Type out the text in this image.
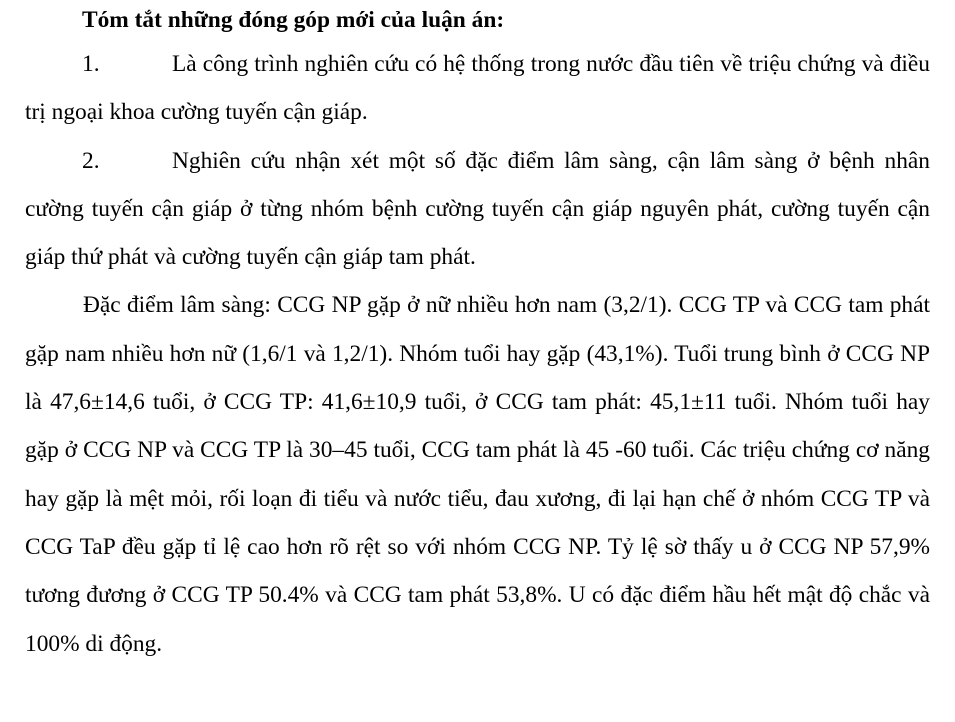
Tóm tắt những đóng góp mới của luận án:

1.	Là công trình nghiên cứu có hệ thống trong nước đầu tiên về triệu chứng và điều trị ngoại khoa cường tuyến cận giáp.

2.	Nghiên cứu nhận xét một số đặc điểm lâm sàng, cận lâm sàng ở bệnh nhân cường tuyến cận giáp ở từng nhóm bệnh cường tuyến cận giáp nguyên phát, cường tuyến cận giáp thứ phát và cường tuyến cận giáp tam phát.

Đặc điểm lâm sàng: CCG NP gặp ở nữ nhiều hơn nam (3,2/1). CCG TP và CCG tam phát gặp nam nhiều hơn nữ (1,6/1 và 1,2/1). Nhóm tuổi hay gặp (43,1%). Tuổi trung bình ở CCG NP là 47,6±14,6 tuổi, ở CCG TP: 41,6±10,9 tuổi, ở CCG tam phát: 45,1±11 tuổi. Nhóm tuổi hay gặp ở CCG NP và CCG TP là 30–45 tuổi, CCG tam phát là 45 -60 tuổi. Các triệu chứng cơ năng hay gặp là mệt mỏi, rối loạn đi tiểu và nước tiểu, đau xương, đi lại hạn chế ở nhóm CCG TP và CCG TaP đều gặp tỉ lệ cao hơn rõ rệt so với nhóm CCG NP. Tỷ lệ sờ thấy u ở CCG NP 57,9% tương đương ở CCG TP 50.4% và CCG tam phát 53,8%. U có đặc điểm hầu hết mật độ chắc và 100% di động.
